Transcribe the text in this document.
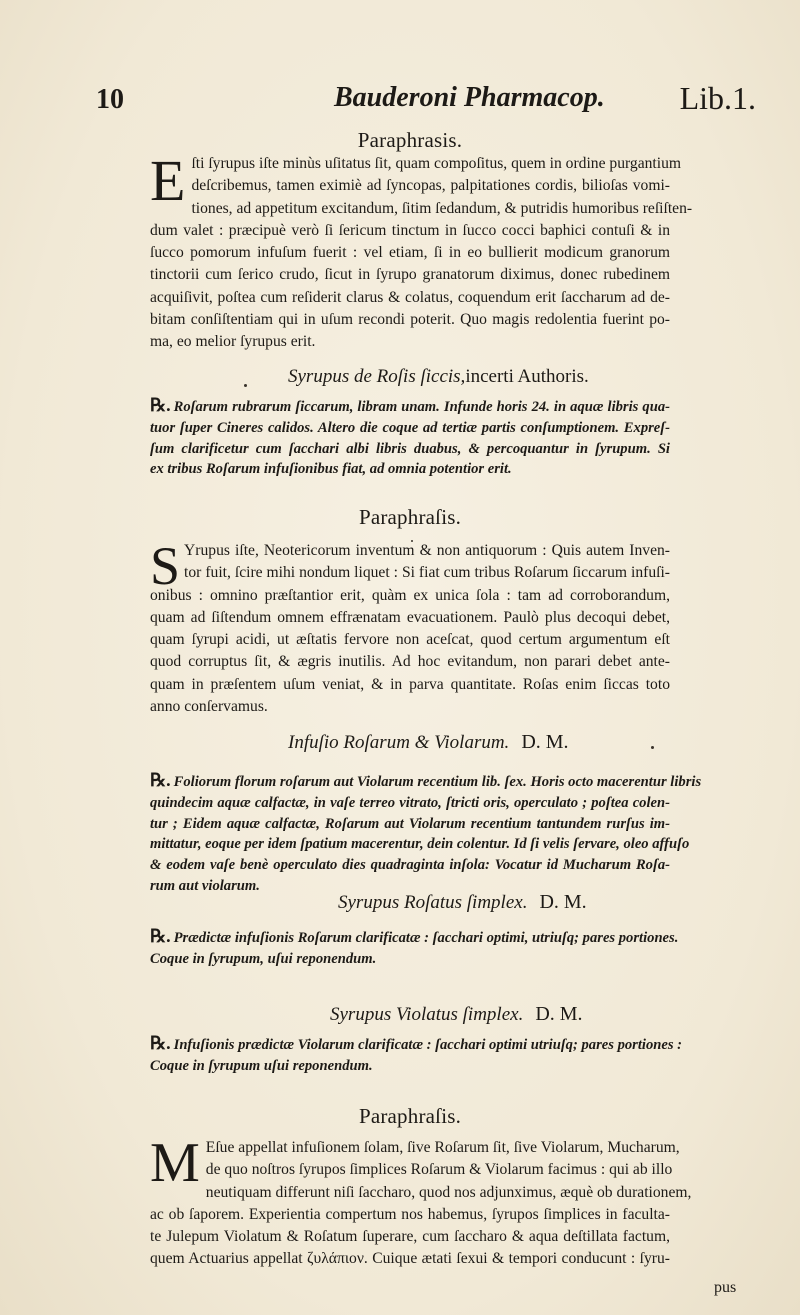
10	Bauderoni Pharmacop. Lib.1.
Paraphrasis.
E ſti ſyrupus iſte minùs uſitatus ſit, quam compoſitus, quem in ordine purgantium
deſcribemus, tamen eximiè ad ſyncopas, palpitationes cordis, bilioſas vomi-
tiones, ad appetitum excitandum, ſitim ſedandum, & putridis humoribus reſiſten-
dum valet : præcipuè verò ſi ſericum tinctum in ſucco cocci baphici contuſi & in
ſucco pomorum infuſum fuerit : vel etiam, ſi in eo bullierit modicum granorum
tinctorii cum ſerico crudo, ſicut in ſyrupo granatorum diximus, donec rubedinem
acquiſivit, poſtea cum reſiderit clarus & colatus, coquendum erit ſaccharum ad de-
bitam conſiſtentiam qui in uſum recondi poterit. Quo magis redolentia fuerint po-
ma, eo melior ſyrupus erit.
Syrupus de Roſis ſiccis,incerti Authoris.
℞. Roſarum rubrarum ſiccarum, libram unam. Infunde horis 24. in aquæ libris qua-
tuor ſuper Cineres calidos. Altero die coque ad tertiæ partis conſumptionem. Expreſ-
ſum clarificetur cum ſacchari albi libris duabus, & percoquantur in ſyrupum. Si
ex tribus Roſarum infuſionibus fiat, ad omnia potentior erit.
Paraphraſis.
S Yrupus iſte, Neotericorum inventum & non antiquorum : Quis autem Inven-
tor fuit, ſcire mihi nondum liquet : Si fiat cum tribus Roſarum ſiccarum infuſi-
onibus : omnino præſtantior erit, quàm ex unica ſola : tam ad corroborandum,
quam ad ſiſtendum omnem effrænatam evacuationem. Paulò plus decoqui debet,
quam ſyrupi acidi, ut æſtatis fervore non aceſcat, quod certum argumentum eſt
quod corruptus ſit, & ægris inutilis. Ad hoc evitandum, non parari debet ante-
quam in præſentem uſum veniat, & in parva quantitate. Roſas enim ſiccas toto
anno conſervamus.
Infuſio Roſarum & Violarum. D. M.
℞. Foliorum florum roſarum aut Violarum recentium lib. ſex. Horis octo macerentur libris
quindecim aquæ calfactæ, in vaſe terreo vitrato, ſtricti oris, operculato ; poſtea colen-
tur ; Eidem aquæ calfactæ, Roſarum aut Violarum recentium tantundem rurſus im-
mittatur, eoque per idem ſpatium macerentur, dein colentur. Id ſi velis ſervare, oleo affuſo
& eodem vaſe benè operculato dies quadraginta inſola: Vocatur id Mucharum Roſa-
rum aut violarum.
Syrupus Roſatus ſimplex. D. M.
℞. Prædictæ infuſionis Roſarum clarificatæ : ſacchari optimi, utriuſq; pares portiones.
Coque in ſyrupum, uſui reponendum.
Syrupus Violatus ſimplex. D. M.
℞. Infuſionis prædictæ Violarum clarificatæ : ſacchari optimi utriuſq; pares portiones :
Coque in ſyrupum uſui reponendum.
Paraphraſis.
M Eſue appellat infuſionem ſolam, ſive Roſarum ſit, ſive Violarum, Mucharum,
de quo noſtros ſyrupos ſimplices Roſarum & Violarum facimus : qui ab illo
neutiquam differunt niſi ſaccharo, quod nos adjunximus, æquè ob durationem,
ac ob ſaporem. Experientia compertum nos habemus, ſyrupos ſimplices in faculta-
te Julepum Violatum & Roſatum ſuperare, cum ſaccharo & aqua deſtillata factum,
quem Actuarius appellat ζυλάπιον. Cuique ætati ſexui & tempori conducunt : ſyru-
pus
